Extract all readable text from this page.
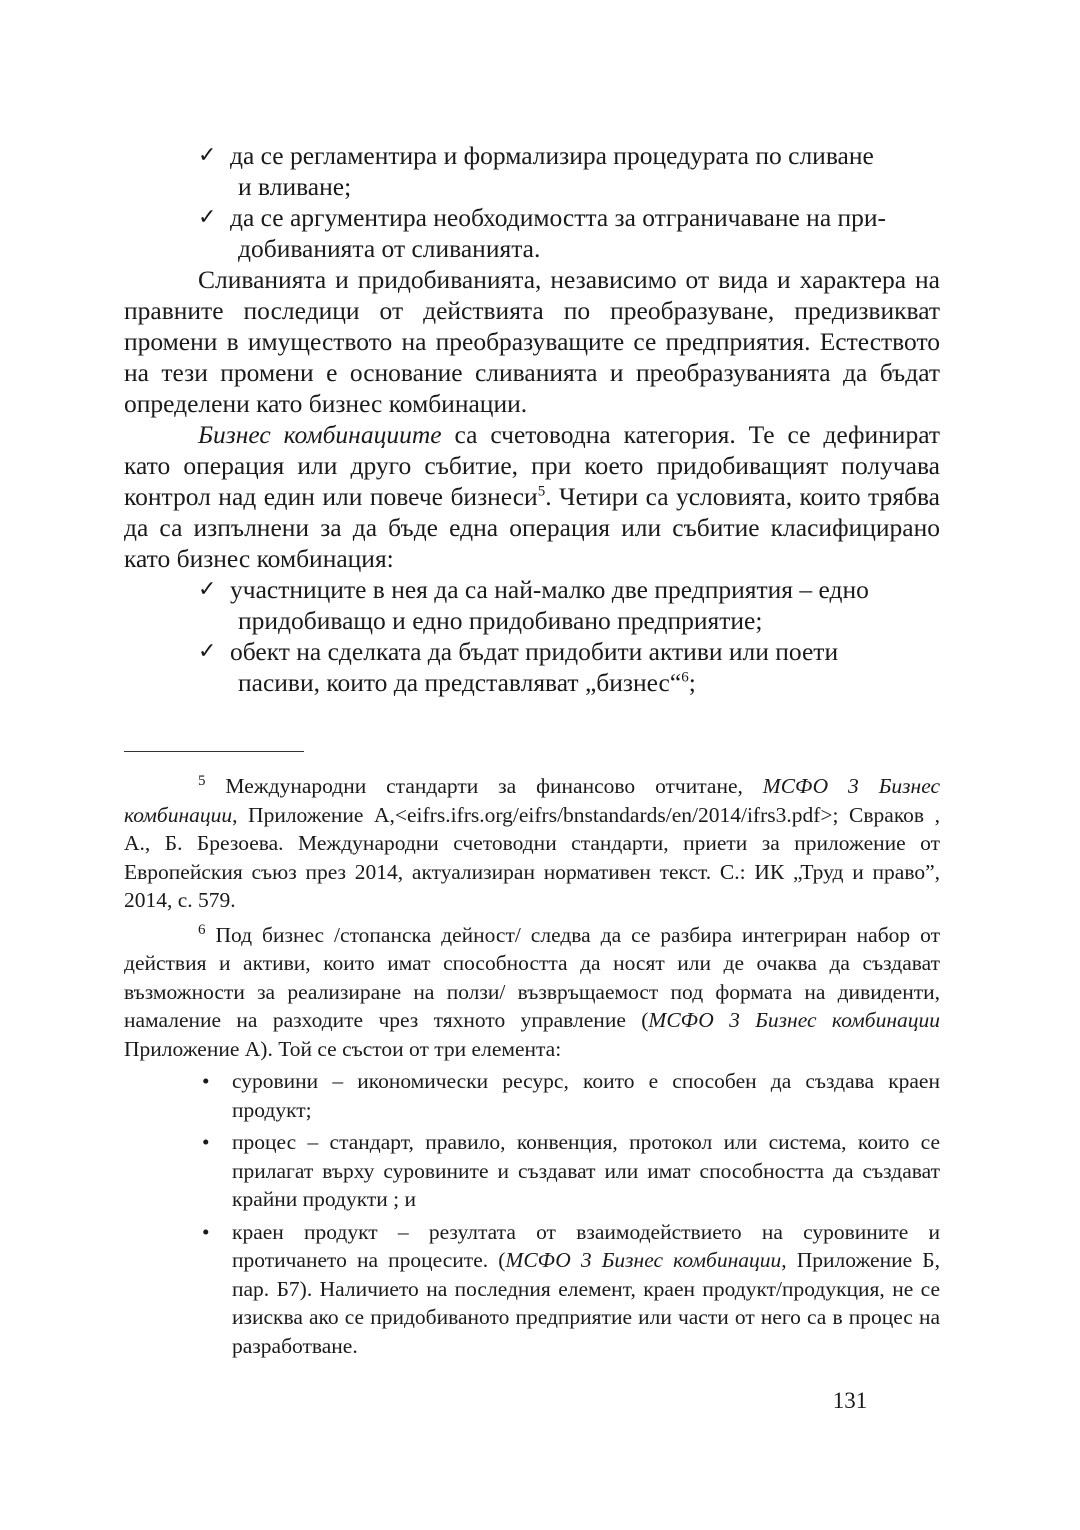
✓ да се регламентира и формализира процедурата по сливане
и вливане;
✓ да се аргументира необходимостта за отграничаване на при-
добиванията от сливанията.

Сливанията и придобиванията, независимо от вида и характера на правните последици от действията по преобразуване, предизвикват промени в имуществото на преобразуващите се предприятия. Естеството на тези промени е основание сливанията и преобразуванията да бъдат определени като бизнес комбинации.

Бизнес комбинациите са счетоводна категория. Те се дефинират като операция или друго събитие, при което придобиващият получава контрол над един или повече бизнеси$^5$. Четири са условията, които трябва да са изпълнени за да бъде една операция или събитие класифицирано като бизнес комбинация:

✓ участниците в нея да са най-малко две предприятия – едно
придобиващо и едно придобивано предприятие;
✓ обект на сделката да бъдат придобити активи или поети
пасиви, които да представляват „бизнес“$^6$;

$^5$ Международни стандарти за финансово отчитане, МСФО 3 Бизнес комбинации, Приложение А,<eifrs.ifrs.org/eifrs/bnstandards/en/2014/ifrs3.pdf>; Свраков , А., Б. Брезоева. Международни счетоводни стандарти, приети за приложение от Европейския съюз през 2014, актуализиран нормативен текст. С.: ИК „Труд и право”, 2014, с. 579.

$^6$ Под бизнес /стопанска дейност/ следва да се разбира интегриран набор от действия и активи, които имат способността да носят или де очаква да създават възможности за реализиране на ползи/ възвръщаемост под формата на дивиденти, намаление на разходите чрез тяхното управление (МСФО 3 Бизнес комбинации Приложение А). Той се състои от три елемента:

• суровини – икономически ресурс, които е способен да създава краен продукт;
• процес – стандарт, правило, конвенция, протокол или система, които се прилагат върху суровините и създават или имат способността да създават крайни продукти ; и
• краен продукт – резултата от взаимодействието на суровините и протичането на процесите. (МСФО 3 Бизнес комбинации, Приложение Б, пар. Б7). Наличието на последния елемент, краен продукт/продукция, не се изисква ако се придобиваното предприятие или части от него са в процес на разработване.
131
